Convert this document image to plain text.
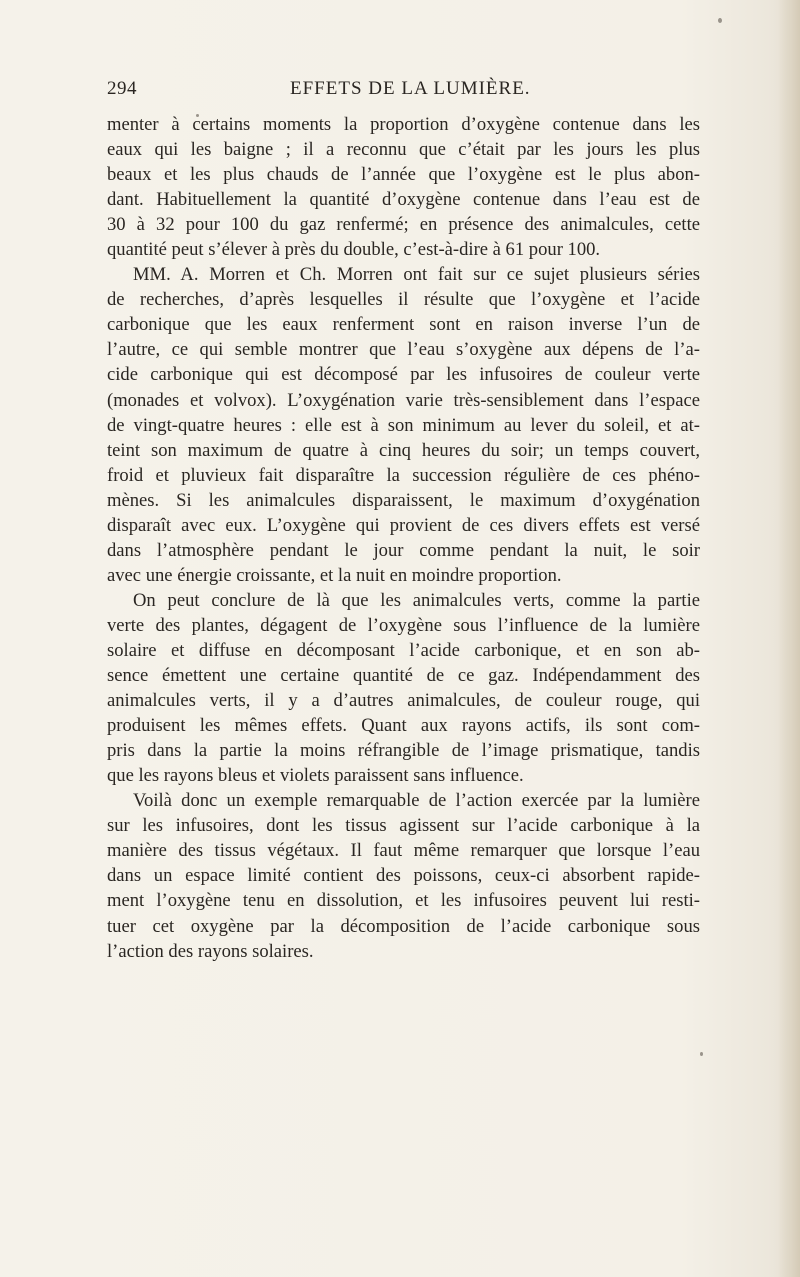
294	EFFETS DE LA LUMIÈRE.

menter à certains moments la proportion d’oxygène contenue dans les
eaux qui les baigne ; il a reconnu que c’était par les jours les plus
beaux et les plus chauds de l’année que l’oxygène est le plus abon-
dant. Habituellement la quantité d’oxygène contenue dans l’eau est de
30 à 32 pour 100 du gaz renfermé; en présence des animalcules, cette
quantité peut s’élever à près du double, c’est-à-dire à 61 pour 100.

MM. A. Morren et Ch. Morren ont fait sur ce sujet plusieurs séries
de recherches, d’après lesquelles il résulte que l’oxygène et l’acide
carbonique que les eaux renferment sont en raison inverse l’un de
l’autre, ce qui semble montrer que l’eau s’oxygène aux dépens de l’a-
cide carbonique qui est décomposé par les infusoires de couleur verte
(monades et volvox). L’oxygénation varie très-sensiblement dans l’espace
de vingt-quatre heures : elle est à son minimum au lever du soleil, et at-
teint son maximum de quatre à cinq heures du soir; un temps couvert,
froid et pluvieux fait disparaître la succession régulière de ces phéno-
mènes. Si les animalcules disparaissent, le maximum d’oxygénation
disparaît avec eux. L’oxygène qui provient de ces divers effets est versé
dans l’atmosphère pendant le jour comme pendant la nuit, le soir
avec une énergie croissante, et la nuit en moindre proportion.

On peut conclure de là que les animalcules verts, comme la partie
verte des plantes, dégagent de l’oxygène sous l’influence de la lumière
solaire et diffuse en décomposant l’acide carbonique, et en son ab-
sence émettent une certaine quantité de ce gaz. Indépendamment des
animalcules verts, il y a d’autres animalcules, de couleur rouge, qui
produisent les mêmes effets. Quant aux rayons actifs, ils sont com-
pris dans la partie la moins réfrangible de l’image prismatique, tandis
que les rayons bleus et violets paraissent sans influence.

Voilà donc un exemple remarquable de l’action exercée par la lumière
sur les infusoires, dont les tissus agissent sur l’acide carbonique à la
manière des tissus végétaux. Il faut même remarquer que lorsque l’eau
dans un espace limité contient des poissons, ceux-ci absorbent rapide-
ment l’oxygène tenu en dissolution, et les infusoires peuvent lui resti-
tuer cet oxygène par la décomposition de l’acide carbonique sous
l’action des rayons solaires.
